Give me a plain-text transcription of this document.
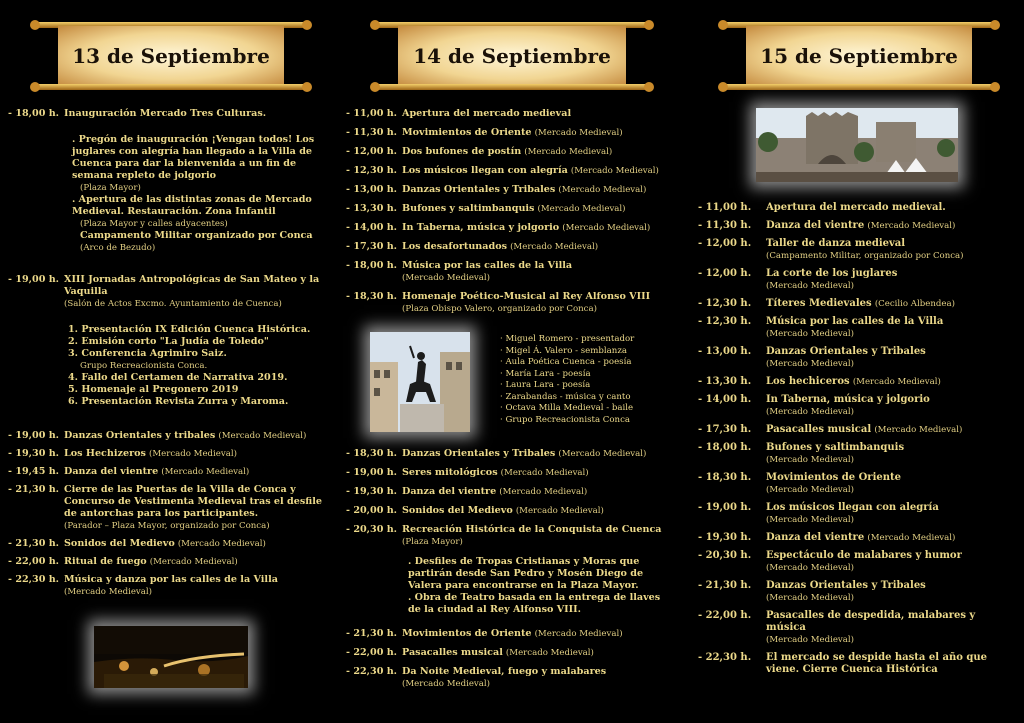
13 de Septiembre
- 18,00 h. Inauguración Mercado Tres Culturas.
. Pregón de inauguración ¡Vengan todos! Los juglares con alegría han llegado a la Villa de Cuenca para dar la bienvenida a un fin de semana repleto de jolgorio
(Plaza Mayor)
. Apertura de las distintas zonas de Mercado Medieval. Restauración. Zona Infantil
(Plaza Mayor y calles adyacentes)
Campamento Militar organizado por Conca
(Arco de Bezudo)
- 19,00 h. XIII Jornadas Antropológicas de San Mateo y la Vaquilla
(Salón de Actos Excmo. Ayuntamiento de Cuenca)
1. Presentación IX Edición Cuenca Histórica.
2. Emisión corto "La Judía de Toledo"
3. Conferencia Agrimiro Saiz.
Grupo Recreacionista Conca.
4. Fallo del Certamen de Narrativa 2019.
5. Homenaje al Pregonero 2019
6. Presentación Revista Zurra y Maroma.
- 19,00 h. Danzas Orientales y tribales (Mercado Medieval)
- 19,30 h. Los Hechizeros (Mercado Medieval)
- 19,45 h. Danza del vientre (Mercado Medieval)
- 21,30 h. Cierre de las Puertas de la Villa de Conca y Concurso de Vestimenta Medieval tras el desfile de antorchas para los participantes.
(Parador – Plaza Mayor, organizado por Conca)
- 21,30 h. Sonidos del Medievo (Mercado Medieval)
- 22,00 h. Ritual de fuego (Mercado Medieval)
- 22,30 h. Música y danza por las calles de la Villa
(Mercado Medieval)
14 de Septiembre
- 11,00 h. Apertura del mercado medieval
- 11,30 h. Movimientos de Oriente (Mercado Medieval)
- 12,00 h. Dos bufones de postín (Mercado Medieval)
- 12,30 h. Los músicos llegan con alegría (Mercado Medieval)
- 13,00 h. Danzas Orientales y Tribales (Mercado Medieval)
- 13,30 h. Bufones y saltimbanquis (Mercado Medieval)
- 14,00 h. In Taberna, música y jolgorio (Mercado Medieval)
- 17,30 h. Los desafortunados (Mercado Medieval)
- 18,00 h. Música por las calles de la Villa
(Mercado Medieval)
- 18,30 h. Homenaje Poético-Musical al Rey Alfonso VIII
(Plaza Obispo Valero, organizado por Conca)
· Miguel Romero - presentador
· Migel Á. Valero - semblanza
· Aula Poética Cuenca - poesía
· María Lara - poesía
· Laura Lara - poesía
· Zarabandas - música y canto
· Octava Milla Medieval - baile
· Grupo Recreacionista Conca
- 18,30 h. Danzas Orientales y Tribales (Mercado Medieval)
- 19,00 h. Seres mitológicos (Mercado Medieval)
- 19,30 h. Danza del vientre (Mercado Medieval)
- 20,00 h. Sonidos del Medievo (Mercado Medieval)
- 20,30 h. Recreación Histórica de la Conquista de Cuenca
(Plaza Mayor)
. Desfiles de Tropas Cristianas y Moras que partirán desde San Pedro y Mosén Diego de Valera para encontrarse en la Plaza Mayor.
. Obra de Teatro basada en la entrega de llaves de la ciudad al Rey Alfonso VIII.
- 21,30 h. Movimientos de Oriente (Mercado Medieval)
- 22,00 h. Pasacalles musical (Mercado Medieval)
- 22,30 h. Da Noite Medieval, fuego y malabares
(Mercado Medieval)
15 de Septiembre
- 11,00 h. Apertura del mercado medieval.
- 11,30 h. Danza del vientre (Mercado Medieval)
- 12,00 h. Taller de danza medieval
(Campamento Militar, organizado por Conca)
- 12,00 h. La corte de los juglares
(Mercado Medieval)
- 12,30 h. Títeres Medievales (Cecilio Albendea)
- 12,30 h. Música por las calles de la Villa
(Mercado Medieval)
- 13,00 h. Danzas Orientales y Tribales
(Mercado Medieval)
- 13,30 h. Los hechiceros (Mercado Medieval)
- 14,00 h. In Taberna, música y jolgorio
(Mercado Medieval)
- 17,30 h. Pasacalles musical (Mercado Medieval)
- 18,00 h. Bufones y saltimbanquis
(Mercado Medieval)
- 18,30 h. Movimientos de Oriente
(Mercado Medieval)
- 19,00 h. Los músicos llegan con alegría
(Mercado Medieval)
- 19,30 h. Danza del vientre (Mercado Medieval)
- 20,30 h. Espectáculo de malabares y humor
(Mercado Medieval)
- 21,30 h. Danzas Orientales y Tribales
(Mercado Medieval)
- 22,00 h. Pasacalles de despedida, malabares y música
(Mercado Medieval)
- 22,30 h. El mercado se despide hasta el año que viene. Cierre Cuenca Histórica
